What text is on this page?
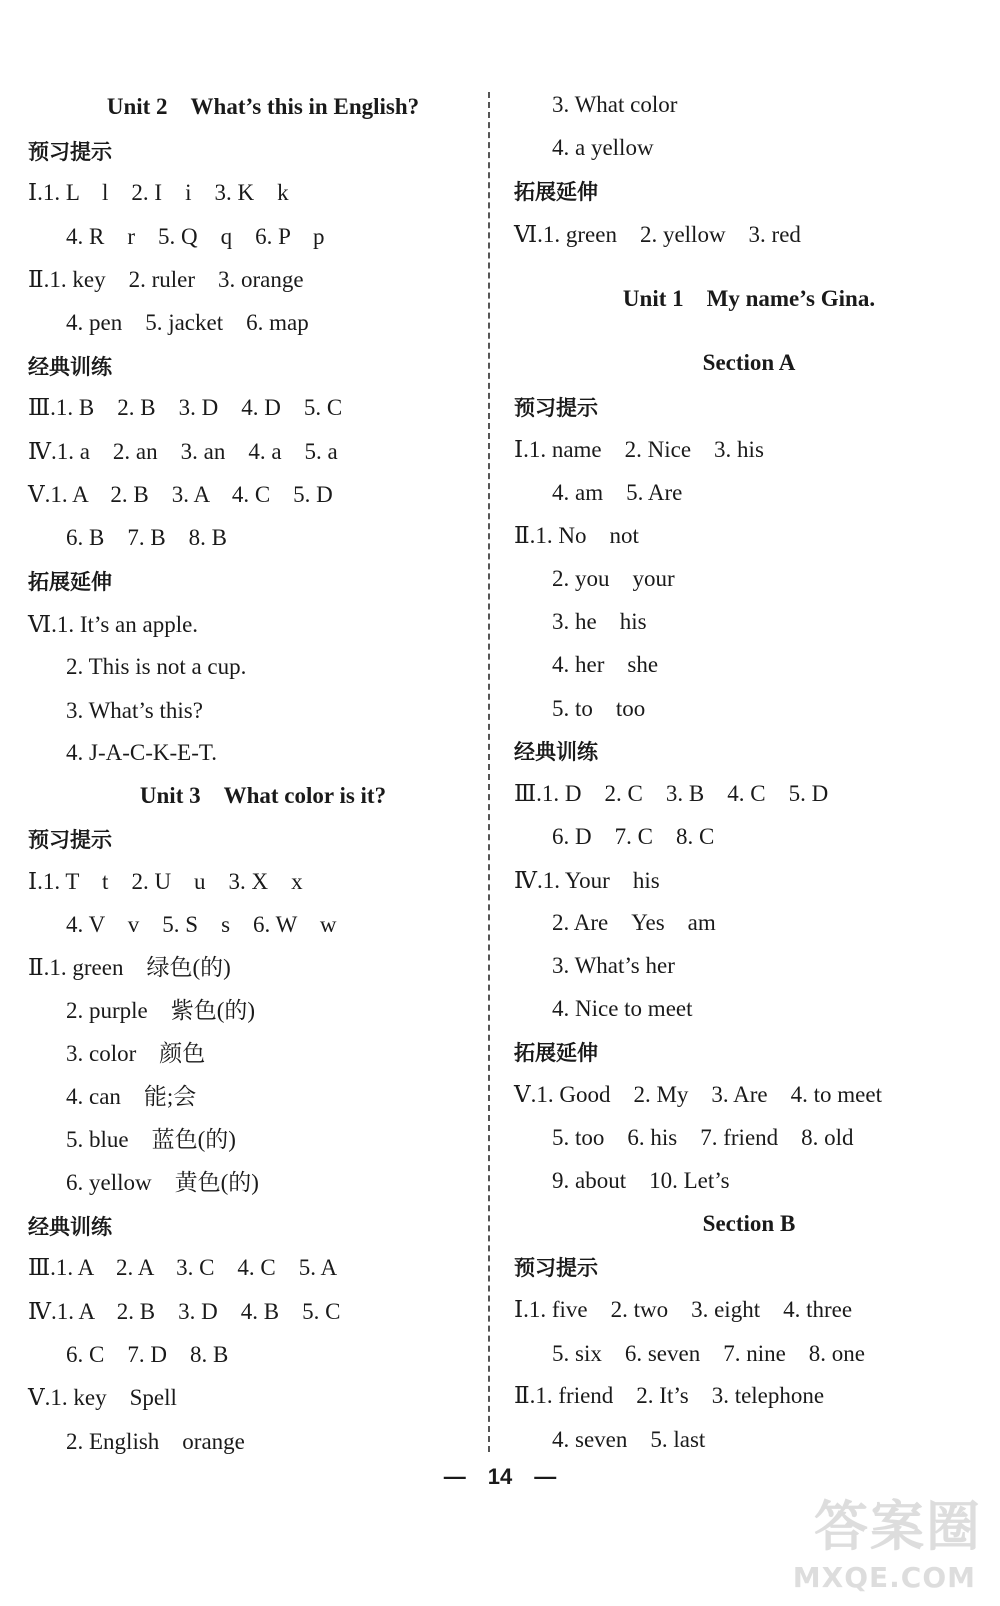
Unit 2　What’s this in English?
预习提示
Ⅰ.1. L　l　2. I　i　3. K　k
4. R　r　5. Q　q　6. P　p
Ⅱ.1. key　2. ruler　3. orange
4. pen　5. jacket　6. map
经典训练
Ⅲ.1. B　2. B　3. D　4. D　5. C
Ⅳ.1. a　2. an　3. an　4. a　5. a
Ⅴ.1. A　2. B　3. A　4. C　5. D
6. B　7. B　8. B
拓展延伸
Ⅵ.1. It’s an apple.
2. This is not a cup.
3. What’s this?
4. J-A-C-K-E-T.
Unit 3　What color is it?
预习提示
Ⅰ.1. T　t　2. U　u　3. X　x
4. V　v　5. S　s　6. W　w
Ⅱ.1. green　绿色(的)
2. purple　紫色(的)
3. color　颜色
4. can　能;会
5. blue　蓝色(的)
6. yellow　黄色(的)
经典训练
Ⅲ.1. A　2. A　3. C　4. C　5. A
Ⅳ.1. A　2. B　3. D　4. B　5. C
6. C　7. D　8. B
Ⅴ.1. key　Spell
2. English　orange
3. What color
4. a yellow
拓展延伸
Ⅵ.1. green　2. yellow　3. red
Unit 1　My name’s Gina.
Section A
预习提示
Ⅰ.1. name　2. Nice　3. his
4. am　5. Are
Ⅱ.1. No　not
2. you　your
3. he　his
4. her　she
5. to　too
经典训练
Ⅲ.1. D　2. C　3. B　4. C　5. D
6. D　7. C　8. C
Ⅳ.1. Your　his
2. Are　Yes　am
3. What’s her
4. Nice to meet
拓展延伸
Ⅴ.1. Good　2. My　3. Are　4. to meet
5. too　6. his　7. friend　8. old
9. about　10. Let’s
Section B
预习提示
Ⅰ.1. five　2. two　3. eight　4. three
5. six　6. seven　7. nine　8. one
Ⅱ.1. friend　2. It’s　3. telephone
4. seven　5. last
—　14　—
答案圈
MXQE.COM
